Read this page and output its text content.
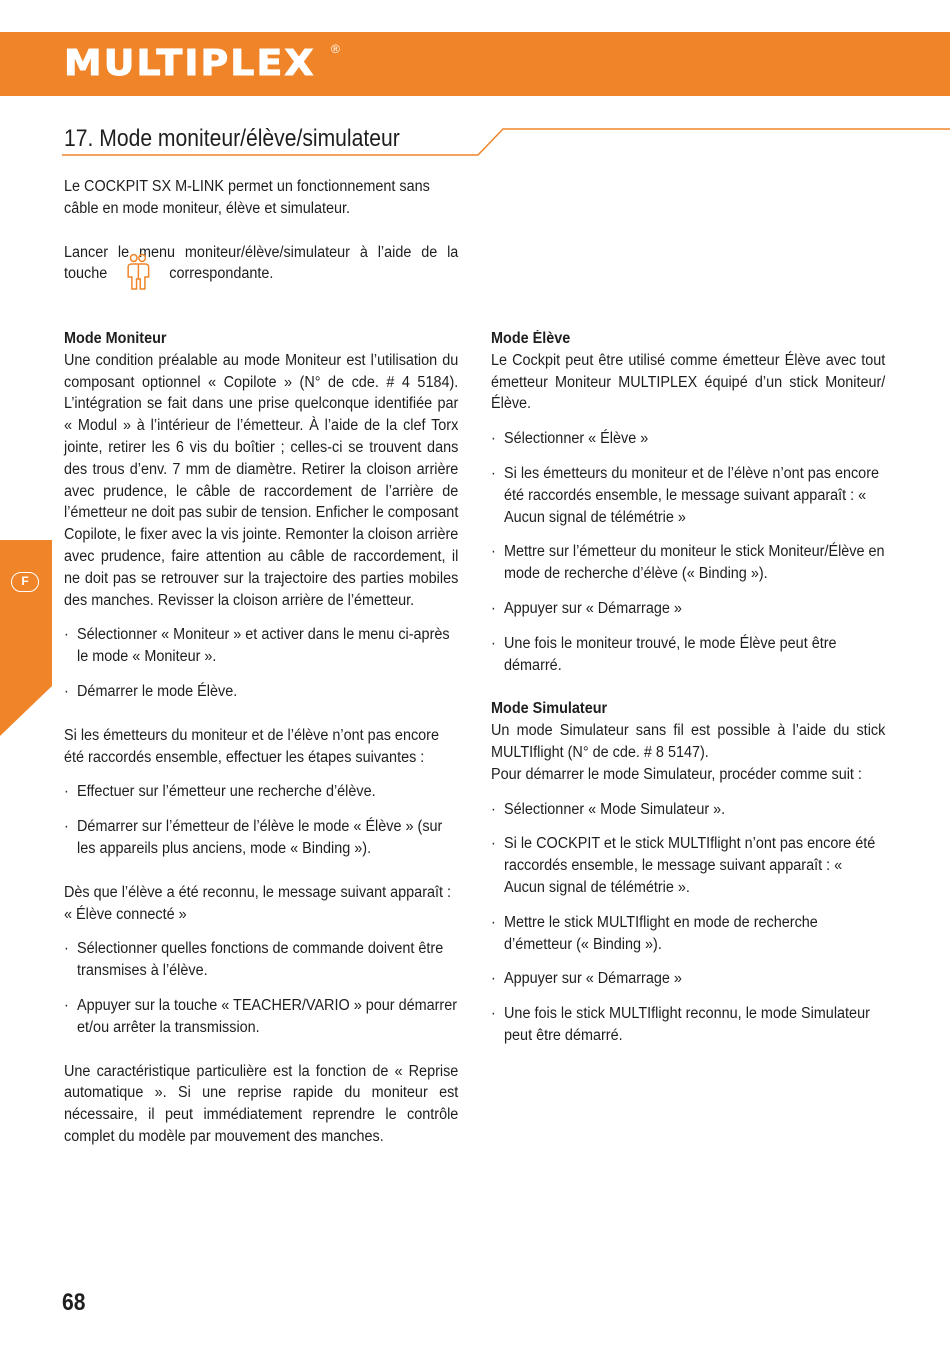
MULTIPLEX ®
17. Mode moniteur/élève/simulateur
F

Le COCKPIT SX M-LINK permet un fonctionnement sans câble en mode moniteur, élève et simulateur.

Lancer le menu moniteur/élève/simulateur à l’aide de la touche	correspondante.

Mode Moniteur

Une condition préalable au mode Moniteur est l’utilisation du composant optionnel « Copilote » (N° de cde. # 4 5184). L’intégration se fait dans une prise quelconque identifiée par « Modul » à l’intérieur de l’émetteur. À l’aide de la clef Torx jointe, retirer les 6 vis du boîtier ; celles-ci se trouvent dans des trous d’env. 7 mm de diamètre. Retirer la cloison arrière avec prudence, le câble de raccordement de l’arrière de l’émetteur ne doit pas subir de tension. Enficher le composant Copilote, le fixer avec la vis jointe. Remonter la cloison arrière avec prudence, faire attention au câble de raccordement, il ne doit pas se retrouver sur la trajectoire des parties mobiles des manches. Revisser la cloison arrière de l’émetteur.

· Sélectionner « Moniteur » et activer dans le menu ci-après le mode « Moniteur ».
· Démarrer le mode Élève.

Si les émetteurs du moniteur et de l’élève n’ont pas encore été raccordés ensemble, effectuer les étapes suivantes :

· Effectuer sur l’émetteur une recherche d’élève.
· Démarrer sur l’émetteur de l’élève le mode « Élève » (sur les appareils plus anciens, mode « Binding »).

Dès que l’élève a été reconnu, le message suivant apparaît : « Élève connecté »

· Sélectionner quelles fonctions de commande doivent être transmises à l’élève.
· Appuyer sur la touche « TEACHER/VARIO » pour démarrer et/ou arrêter la transmission.

Une caractéristique particulière est la fonction de « Reprise automatique ». Si une reprise rapide du moniteur est nécessaire, il peut immédiatement reprendre le contrôle complet du modèle par mouvement des manches.

Mode Élève

Le Cockpit peut être utilisé comme émetteur Élève avec tout émetteur Moniteur MULTIPLEX équipé d’un stick Moniteur/Élève.

· Sélectionner « Élève »
· Si les émetteurs du moniteur et de l’élève n’ont pas encore été raccordés ensemble, le message suivant apparaît : « Aucun signal de télémétrie »
· Mettre sur l’émetteur du moniteur le stick Moniteur/Élève en mode de recherche d’élève (« Binding »).
· Appuyer sur « Démarrage »
· Une fois le moniteur trouvé, le mode Élève peut être démarré.
Mode Simulateur

Un mode Simulateur sans fil est possible à l’aide du stick MULTIflight (N° de cde. # 8 5147).

Pour démarrer le mode Simulateur, procéder comme suit :

· Sélectionner « Mode Simulateur ».
· Si le COCKPIT et le stick MULTIflight n’ont pas encore été raccordés ensemble, le message suivant apparaît : « Aucun signal de télémétrie ».
· Mettre le stick MULTIflight en mode de recherche d’émetteur (« Binding »).
· Appuyer sur « Démarrage »
· Une fois le stick MULTIflight reconnu, le mode Simulateur peut être démarré.
68
